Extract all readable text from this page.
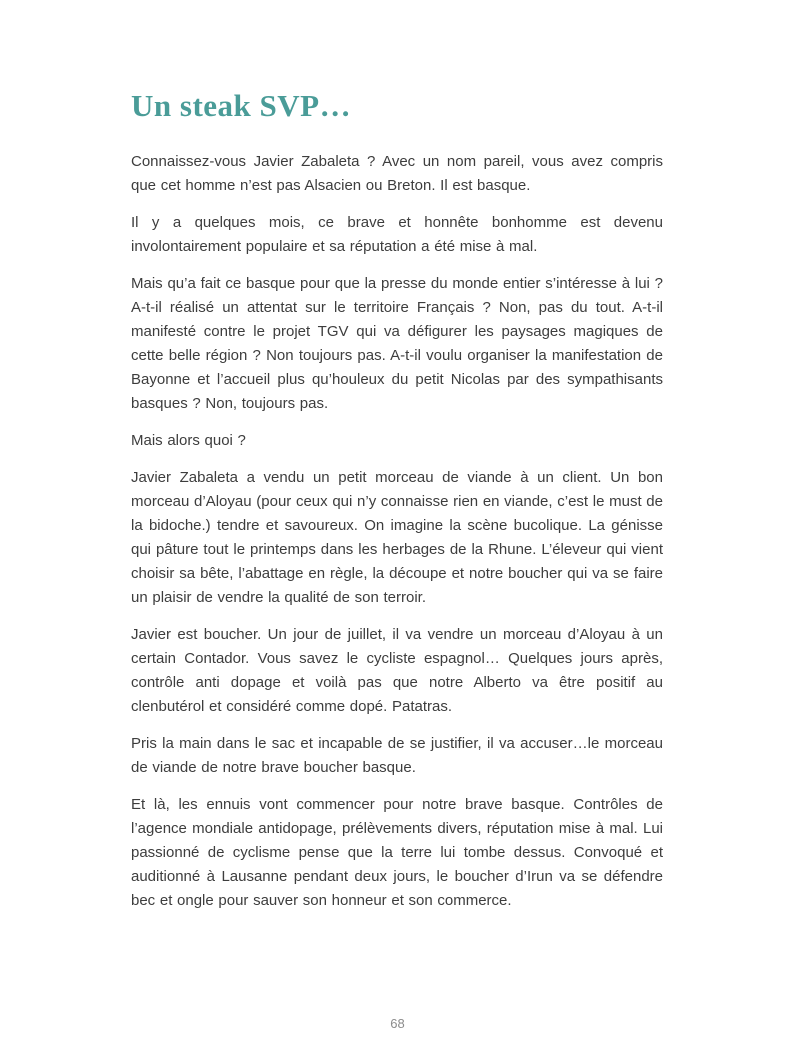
Un steak SVP…

Connaissez-vous Javier Zabaleta ? Avec un nom pareil, vous avez compris que cet homme n’est pas Alsacien ou Breton. Il est basque.

Il y a quelques mois, ce brave et honnête bonhomme est devenu involontairement populaire et sa réputation a été mise à mal.

Mais qu’a fait ce basque pour que la presse du monde entier s’intéresse à lui ? A-t-il réalisé un attentat sur le territoire Français ? Non, pas du tout. A-t-il manifesté contre le projet TGV qui va défigurer les paysages magiques de cette belle région ? Non toujours pas. A-t-il voulu organiser la manifestation de Bayonne et l’accueil plus qu’houleux du petit Nicolas par des sympathisants basques ? Non, toujours pas.

Mais alors quoi ?

Javier Zabaleta a vendu un petit morceau de viande à un client. Un bon morceau d’Aloyau (pour ceux qui n’y connaisse rien en viande, c’est le must de la bidoche.) tendre et savoureux. On imagine la scène bucolique. La génisse qui pâture tout le printemps dans les herbages de la Rhune. L’éleveur qui vient choisir sa bête, l’abattage en règle, la découpe et notre boucher qui va se faire un plaisir de vendre la qualité de son terroir.

Javier est boucher. Un jour de juillet, il va vendre un morceau d’Aloyau à un certain Contador. Vous savez le cycliste espagnol… Quelques jours après, contrôle anti dopage et voilà pas que notre Alberto va être positif au clenbutérol et considéré comme dopé. Patatras.

Pris la main dans le sac et incapable de se justifier, il va accuser…le morceau de viande de notre brave boucher basque.

Et là, les ennuis vont commencer pour notre brave basque. Contrôles de l’agence mondiale antidopage, prélèvements divers, réputation mise à mal. Lui passionné de cyclisme pense que la terre lui tombe dessus. Convoqué et auditionné à Lausanne pendant deux jours, le boucher d’Irun va se défendre bec et ongle pour sauver son honneur et son commerce.

68
